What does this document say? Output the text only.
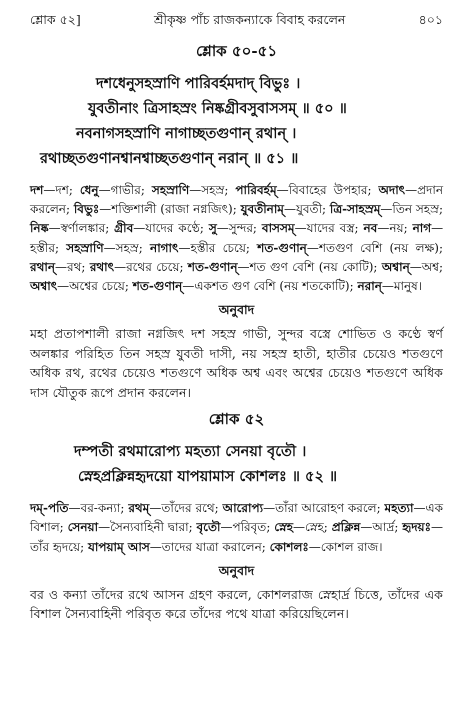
শ্লোক ৫২]	শ্রীকৃষ্ণ পাঁচ রাজকন্যাকে বিবাহ করলেন	৪০১
শ্লোক ৫০-৫১
দশধেনুসহস্রাণি পারিবর্হমদাদ্ বিভুঃ ।
যুবতীনাং ত্রিসাহস্রং নিষ্কগ্রীবসুবাসসম্ ॥ ৫০ ॥
নবনাগসহস্রাণি নাগাচ্ছতগুণান্ রথান্ ।
রথাচ্ছতগুণানশ্বানশ্বাচ্ছতগুণান্ নরান্ ॥ ৫১ ॥
দশ—দশ; ধেনু—গাভীর; সহস্রাণি—সহস্র; পারিবর্হম্—বিবাহের উপহার; অদাৎ—প্রদান করলেন; বিভুঃ—শক্তিশালী (রাজা নগ্নজিৎ); যুবতীনাম্—যুবতী; ত্রি-সাহস্রম্—তিন সহস্র; নিষ্ক—স্বর্ণালঙ্কার; গ্রীব—যাদের কণ্ঠে; সু—সুন্দর; বাসসম্—যাদের বস্ত্র; নব—নয়; নাগ—হস্তীর; সহস্রাণি—সহস্র; নাগাৎ—হস্তীর চেয়ে; শত-গুণান্—শতগুণ বেশি (নয় লক্ষ); রথান্—রথ; রথাৎ—রথের চেয়ে; শত-গুণান্—শত গুণ বেশি (নয় কোটি); অশ্বান্—অশ্ব; অশ্বাৎ—অশ্বের চেয়ে; শত-গুণান্—একশত গুণ বেশি (নয় শতকোটি); নরান্—মানুষ।
অনুবাদ
মহা প্রতাপশালী রাজা নগ্নজিৎ দশ সহস্র গাভী, সুন্দর বস্ত্রে শোভিত ও কণ্ঠে স্বর্ণ অলঙ্কার পরিহিত তিন সহস্র যুবতী দাসী, নয় সহস্র হাতী, হাতীর চেয়েও শতগুণে অধিক রথ, রথের চেয়েও শতগুণে অধিক অশ্ব এবং অশ্বের চেয়েও শতগুণে অধিক দাস যৌতুক রূপে প্রদান করলেন।
শ্লোক ৫২
দম্পতী রথমারোপ্য মহত্যা সেনয়া বৃতৌ ।
স্নেহপ্রক্লিন্নহৃদয়ো যাপয়ামাস কোশলঃ ॥ ৫২ ॥
দম্-পতি—বর-কন্যা; রথম্—তাঁদের রথে; আরোপ্য—তাঁরা আরোহণ করলে; মহত্যা—এক বিশাল; সেনয়া—সৈন্যবাহিনী দ্বারা; বৃতৌ—পরিবৃত; স্নেহ—স্নেহ; প্রক্লিন্ন—আর্দ্র; হৃদয়ঃ—তাঁর হৃদয়ে; যাপয়াম্ আস—তাদের যাত্রা করালেন; কোশলঃ—কোশল রাজ।
অনুবাদ
বর ও কন্যা তাঁদের রথে আসন গ্রহণ করলে, কোশলরাজ স্নেহার্দ্র চিত্তে, তাঁদের এক বিশাল সৈন্যবাহিনী পরিবৃত করে তাঁদের পথে যাত্রা করিয়েছিলেন।
